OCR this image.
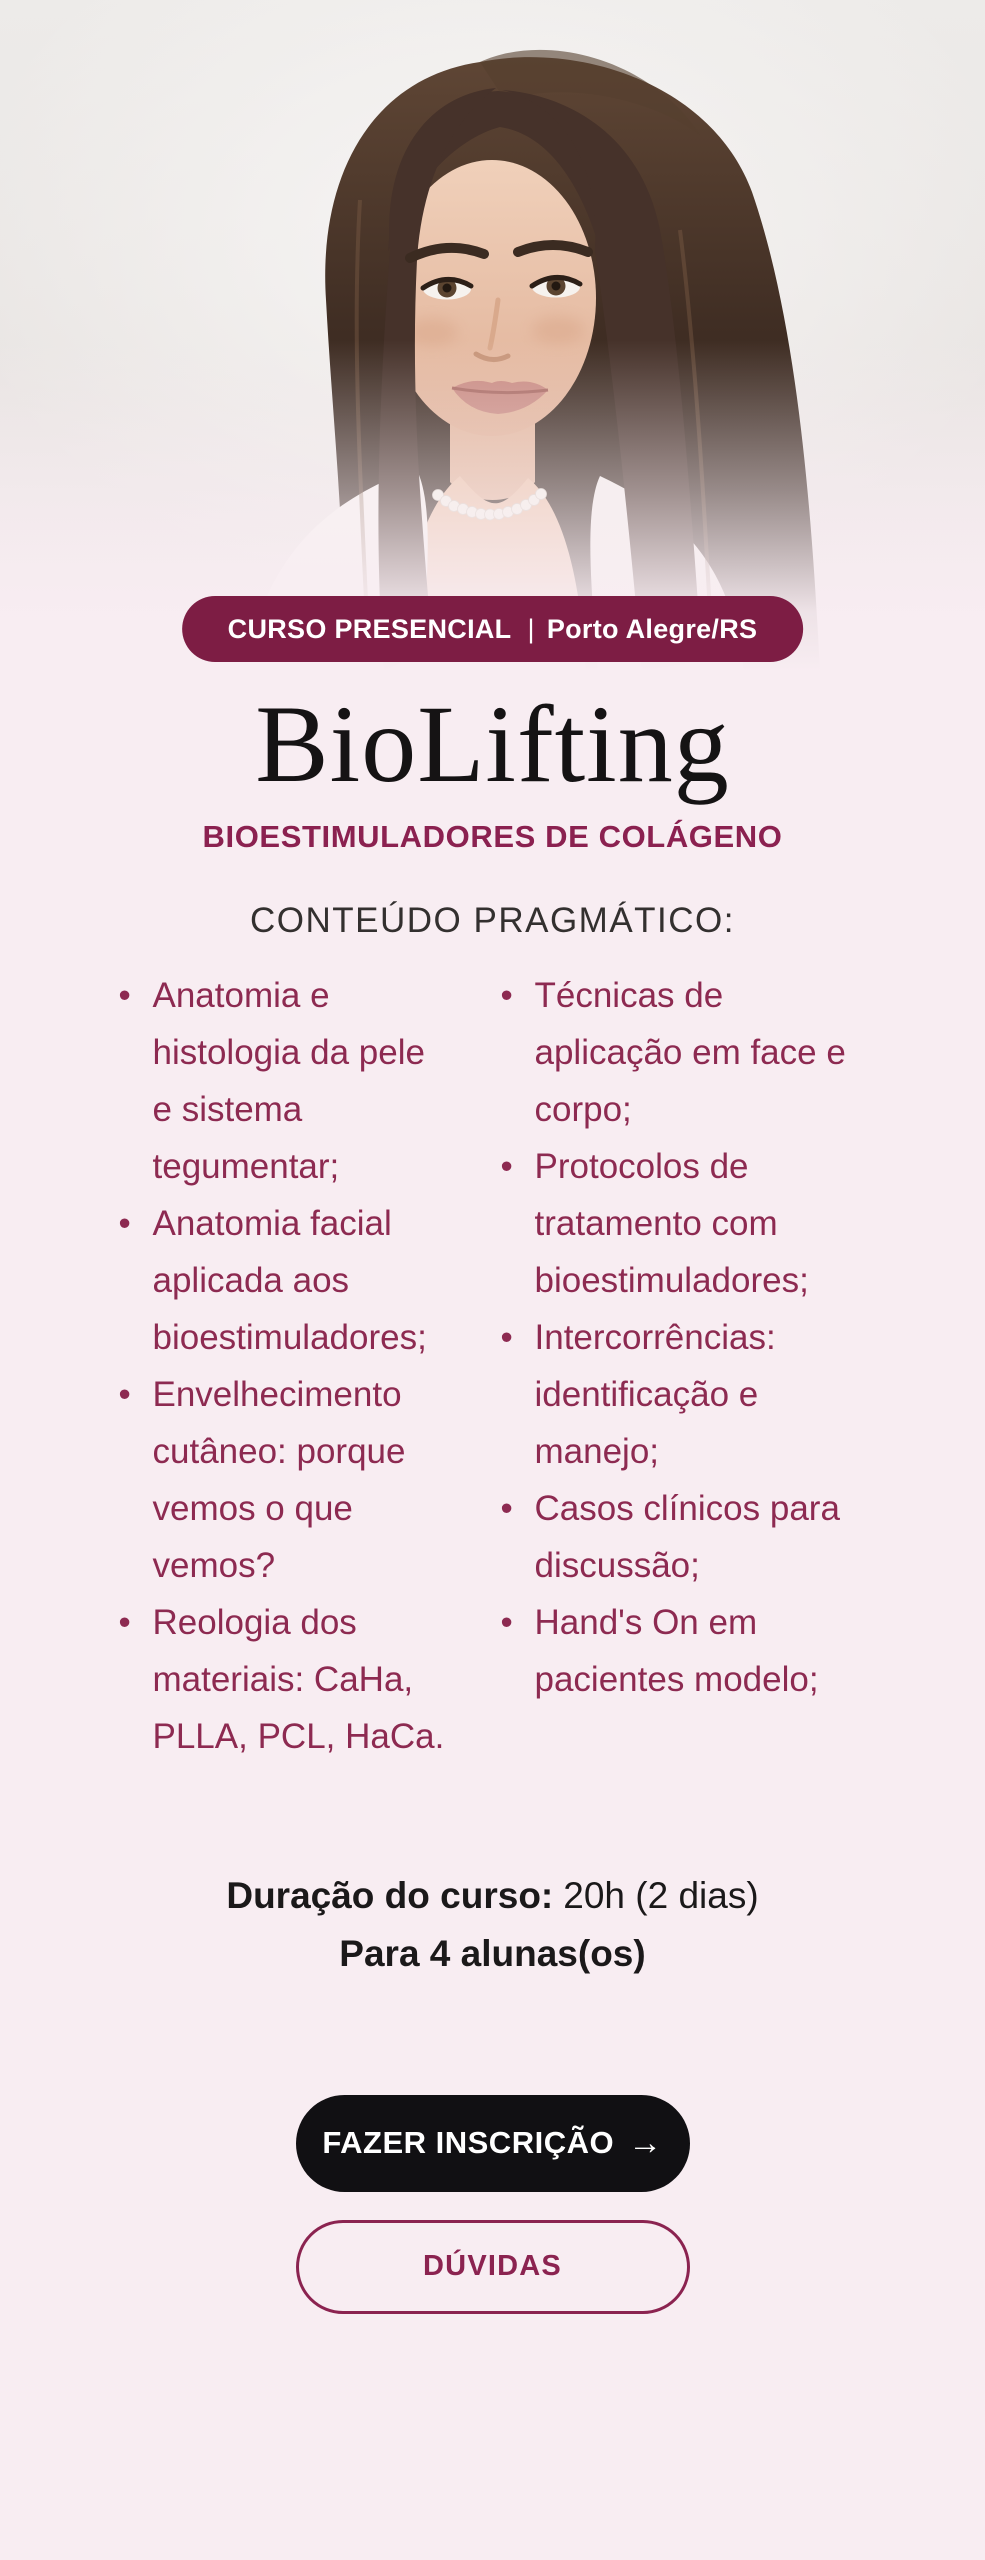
CURSO PRESENCIAL | Porto Alegre/RS
BioLifting
BIOESTIMULADORES DE COLÁGENO
CONTEÚDO PRAGMÁTICO:
• Anatomia e histologia da pele e sistema tegumentar;
• Anatomia facial aplicada aos bioestimuladores;
• Envelhecimento cutâneo: porque vemos o que vemos?
• Reologia dos materiais: CaHa, PLLA, PCL, HaCa.
• Técnicas de aplicação em face e corpo;
• Protocolos de tratamento com bioestimuladores;
• Intercorrências: identificação e manejo;
• Casos clínicos para discussão;
• Hand's On em pacientes modelo;
Duração do curso: 20h (2 dias)
Para 4 alunas(os)
FAZER INSCRIÇÃO →
DÚVIDAS
